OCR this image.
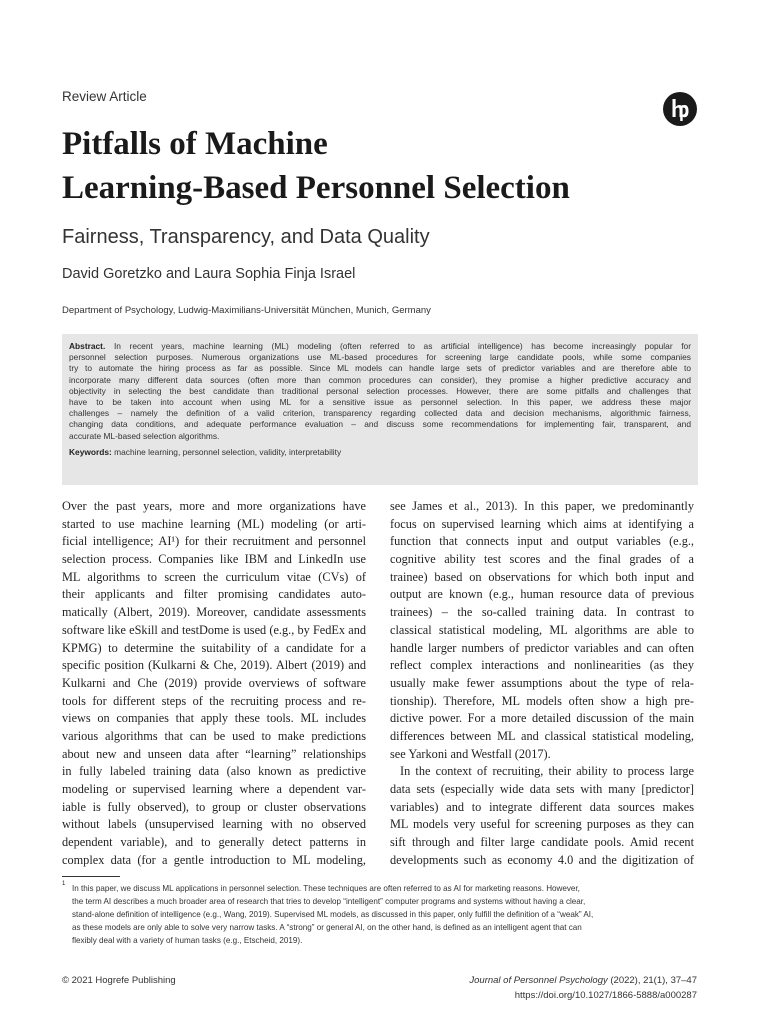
Review Article
Pitfalls of Machine
Learning-Based Personnel Selection
Fairness, Transparency, and Data Quality
David Goretzko and Laura Sophia Finja Israel
Department of Psychology, Ludwig-Maximilians-Universität München, Munich, Germany
Abstract. In recent years, machine learning (ML) modeling (often referred to as artificial intelligence) has become increasingly popular for
personnel selection purposes. Numerous organizations use ML-based procedures for screening large candidate pools, while some companies
try to automate the hiring process as far as possible. Since ML models can handle large sets of predictor variables and are therefore able to
incorporate many different data sources (often more than common procedures can consider), they promise a higher predictive accuracy and
objectivity in selecting the best candidate than traditional personal selection processes. However, there are some pitfalls and challenges that
have to be taken into account when using ML for a sensitive issue as personnel selection. In this paper, we address these major
challenges – namely the definition of a valid criterion, transparency regarding collected data and decision mechanisms, algorithmic fairness,
changing data conditions, and adequate performance evaluation – and discuss some recommendations for implementing fair, transparent, and
accurate ML-based selection algorithms.
Keywords: machine learning, personnel selection, validity, interpretability
Over the past years, more and more organizations have
started to use machine learning (ML) modeling (or arti-
ficial intelligence; AI¹) for their recruitment and personnel
selection process. Companies like IBM and LinkedIn use
ML algorithms to screen the curriculum vitae (CVs) of
their applicants and filter promising candidates auto-
matically (Albert, 2019). Moreover, candidate assessments
software like eSkill and testDome is used (e.g., by FedEx and
KPMG) to determine the suitability of a candidate for a
specific position (Kulkarni & Che, 2019). Albert (2019) and
Kulkarni and Che (2019) provide overviews of software
tools for different steps of the recruiting process and re-
views on companies that apply these tools. ML includes
various algorithms that can be used to make predictions
about new and unseen data after “learning” relationships
in fully labeled training data (also known as predictive
modeling or supervised learning where a dependent var-
iable is fully observed), to group or cluster observations
without labels (unsupervised learning with no observed
dependent variable), and to generally detect patterns in
complex data (for a gentle introduction to ML modeling,
see James et al., 2013). In this paper, we predominantly
focus on supervised learning which aims at identifying a
function that connects input and output variables (e.g.,
cognitive ability test scores and the final grades of a
trainee) based on observations for which both input and
output are known (e.g., human resource data of previous
trainees) – the so-called training data. In contrast to
classical statistical modeling, ML algorithms are able to
handle larger numbers of predictor variables and can often
reflect complex interactions and nonlinearities (as they
usually make fewer assumptions about the type of rela-
tionship). Therefore, ML models often show a high pre-
dictive power. For a more detailed discussion of the main
differences between ML and classical statistical modeling,
see Yarkoni and Westfall (2017).
In the context of recruiting, their ability to process large
data sets (especially wide data sets with many [predictor]
variables) and to integrate different data sources makes
ML models very useful for screening purposes as they can
sift through and filter large candidate pools. Amid recent
developments such as economy 4.0 and the digitization of
1 In this paper, we discuss ML applications in personnel selection. These techniques are often referred to as AI for marketing reasons. However,
the term AI describes a much broader area of research that tries to develop “intelligent” computer programs and systems without having a clear,
stand-alone definition of intelligence (e.g., Wang, 2019). Supervised ML models, as discussed in this paper, only fulfill the definition of a “weak” AI,
as these models are only able to solve very narrow tasks. A “strong” or general AI, on the other hand, is defined as an intelligent agent that can
flexibly deal with a variety of human tasks (e.g., Etscheid, 2019).
© 2021 Hogrefe Publishing	Journal of Personnel Psychology (2022), 21(1), 37–47
https://doi.org/10.1027/1866-5888/a000287
